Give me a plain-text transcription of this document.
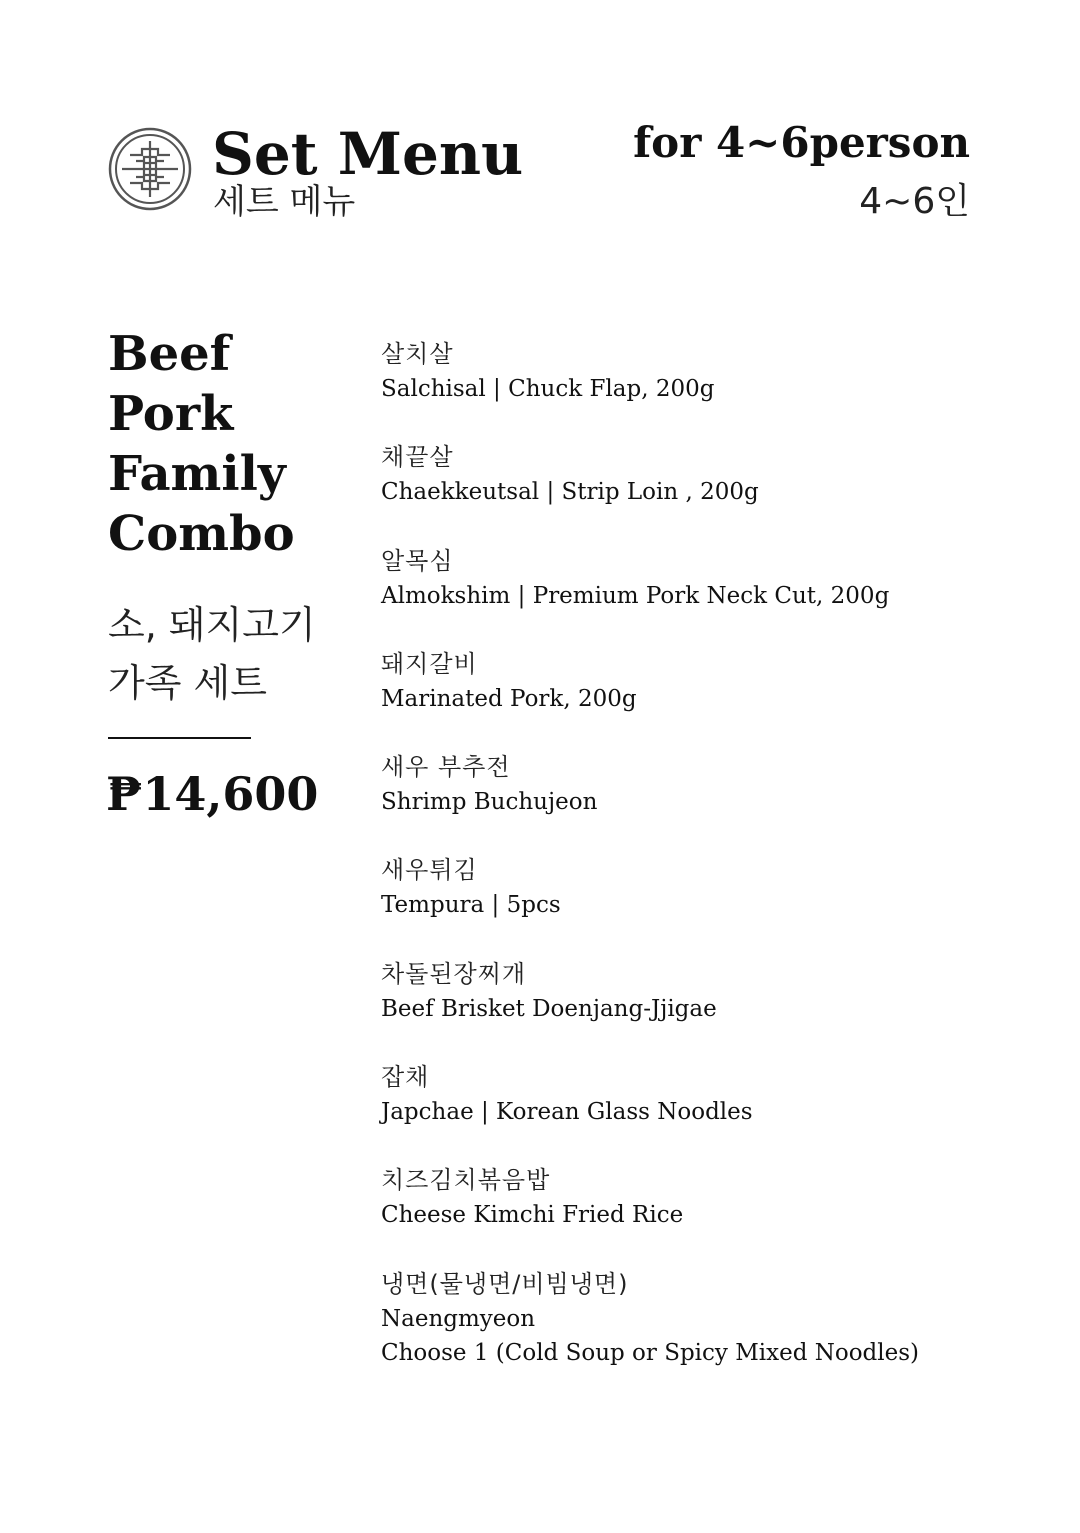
Set Menu
세트 메뉴
for 4~6person
4~6인
Beef
Pork
Family
Combo
소, 돼지고기
가족 세트
₱14,600
살치살
Salchisal | Chuck Flap, 200g
채끝살
Chaekkeutsal | Strip Loin , 200g
알목심
Almokshim | Premium Pork Neck Cut, 200g
돼지갈비
Marinated Pork, 200g
새우 부추전
Shrimp Buchujeon
새우튀김
Tempura | 5pcs
차돌된장찌개
Beef Brisket Doenjang-Jjigae
잡채
Japchae | Korean Glass Noodles
치즈김치볶음밥
Cheese Kimchi Fried Rice
냉면(물냉면/비빔냉면)
Naengmyeon
Choose 1 (Cold Soup or Spicy Mixed Noodles)
